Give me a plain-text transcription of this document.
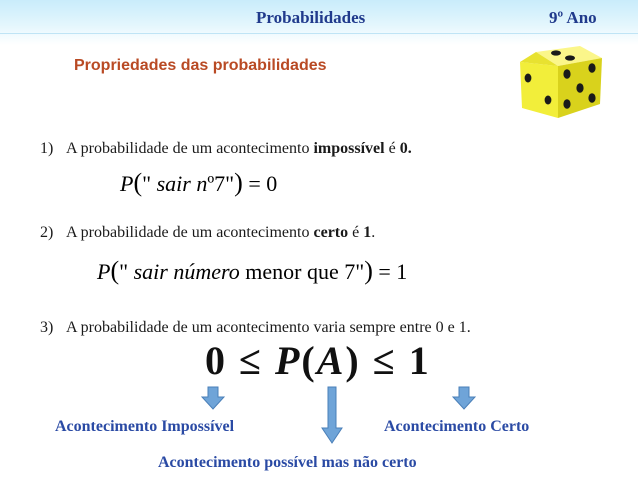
Probabilidades	9º Ano
Propriedades das probabilidades
1) A probabilidade de um acontecimento impossível é 0.
P(" sair nº7") = 0
2) A probabilidade de um acontecimento certo é 1.
P(" sair número menor que 7") = 1
3) A probabilidade de um acontecimento varia sempre entre 0 e 1.
0 ≤ P(A) ≤ 1
Acontecimento Impossível	Acontecimento Certo
Acontecimento possível mas não certo
